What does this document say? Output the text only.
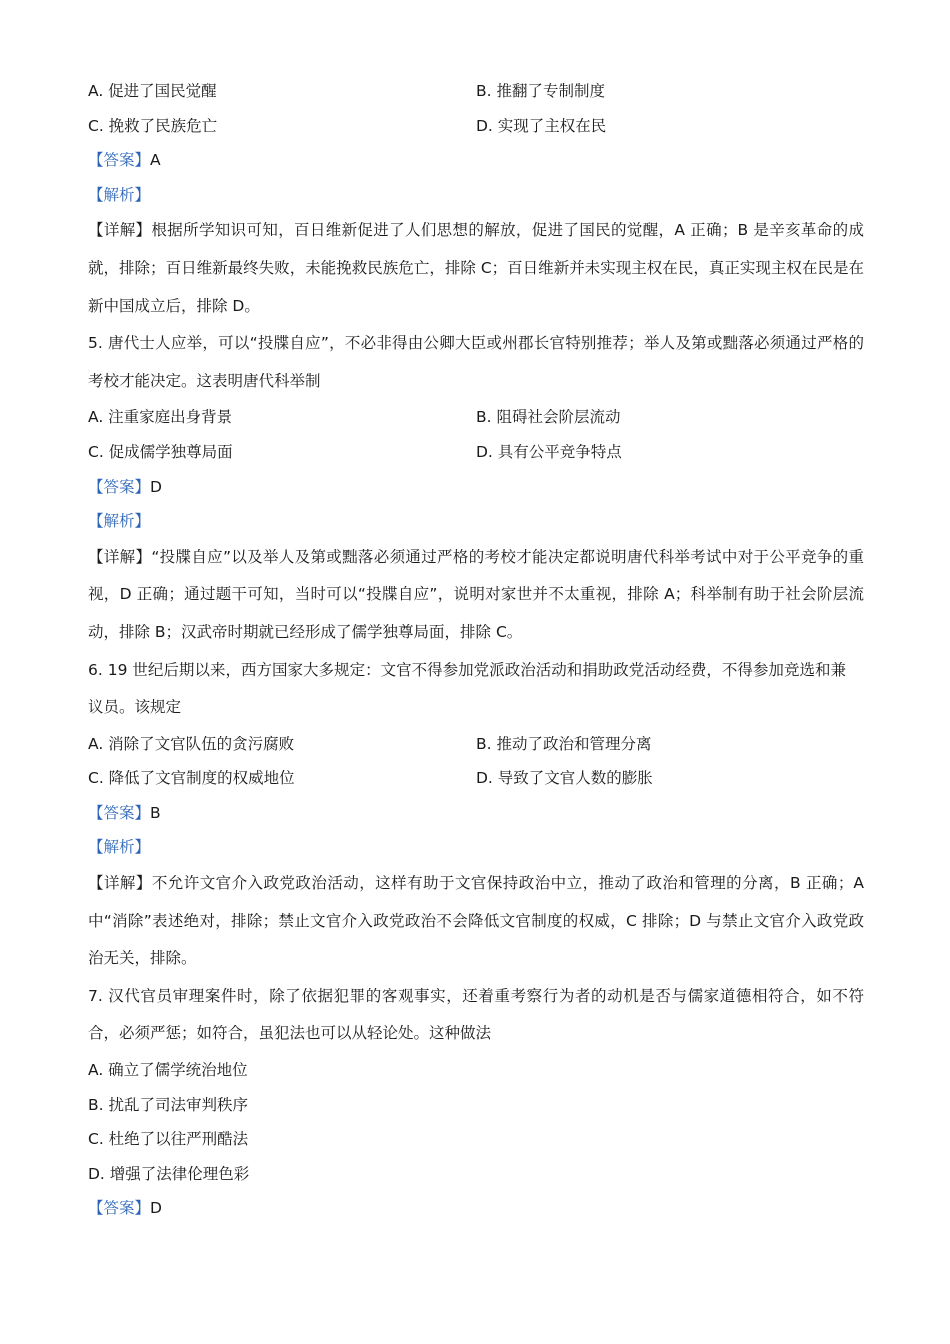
A. 促进了国民觉醒	B. 推翻了专制制度
C. 挽救了民族危亡	D. 实现了主权在民
【答案】A
【解析】
【详解】根据所学知识可知，百日维新促进了人们思想的解放，促进了国民的觉醒，A 正确；B 是辛亥革命的成就，排除；百日维新最终失败，未能挽救民族危亡，排除 C；百日维新并未实现主权在民，真正实现主权在民是在新中国成立后，排除 D。
5. 唐代士人应举，可以“投牒自应”，不必非得由公卿大臣或州郡长官特别推荐；举人及第或黜落必须通过严格的考校才能决定。这表明唐代科举制
A. 注重家庭出身背景	B. 阻碍社会阶层流动
C. 促成儒学独尊局面	D. 具有公平竞争特点
【答案】D
【解析】
【详解】“投牒自应”以及举人及第或黜落必须通过严格的考校才能决定都说明唐代科举考试中对于公平竞争的重视，D 正确；通过题干可知，当时可以“投牒自应”，说明对家世并不太重视，排除 A；科举制有助于社会阶层流动，排除 B；汉武帝时期就已经形成了儒学独尊局面，排除 C。
6. 19 世纪后期以来，西方国家大多规定：文官不得参加党派政治活动和捐助政党活动经费，不得参加竞选和兼议员。该规定
A. 消除了文官队伍的贪污腐败	B. 推动了政治和管理分离
C. 降低了文官制度的权威地位	D. 导致了文官人数的膨胀
【答案】B
【解析】
【详解】不允许文官介入政党政治活动，这样有助于文官保持政治中立，推动了政治和管理的分离，B 正确；A 中“消除”表述绝对，排除；禁止文官介入政党政治不会降低文官制度的权威，C 排除；D 与禁止文官介入政党政治无关，排除。
7. 汉代官员审理案件时，除了依据犯罪的客观事实，还着重考察行为者的动机是否与儒家道德相符合，如不符合，必须严惩；如符合，虽犯法也可以从轻论处。这种做法
A. 确立了儒学统治地位
B. 扰乱了司法审判秩序
C. 杜绝了以往严刑酷法
D. 增强了法律伦理色彩
【答案】D
